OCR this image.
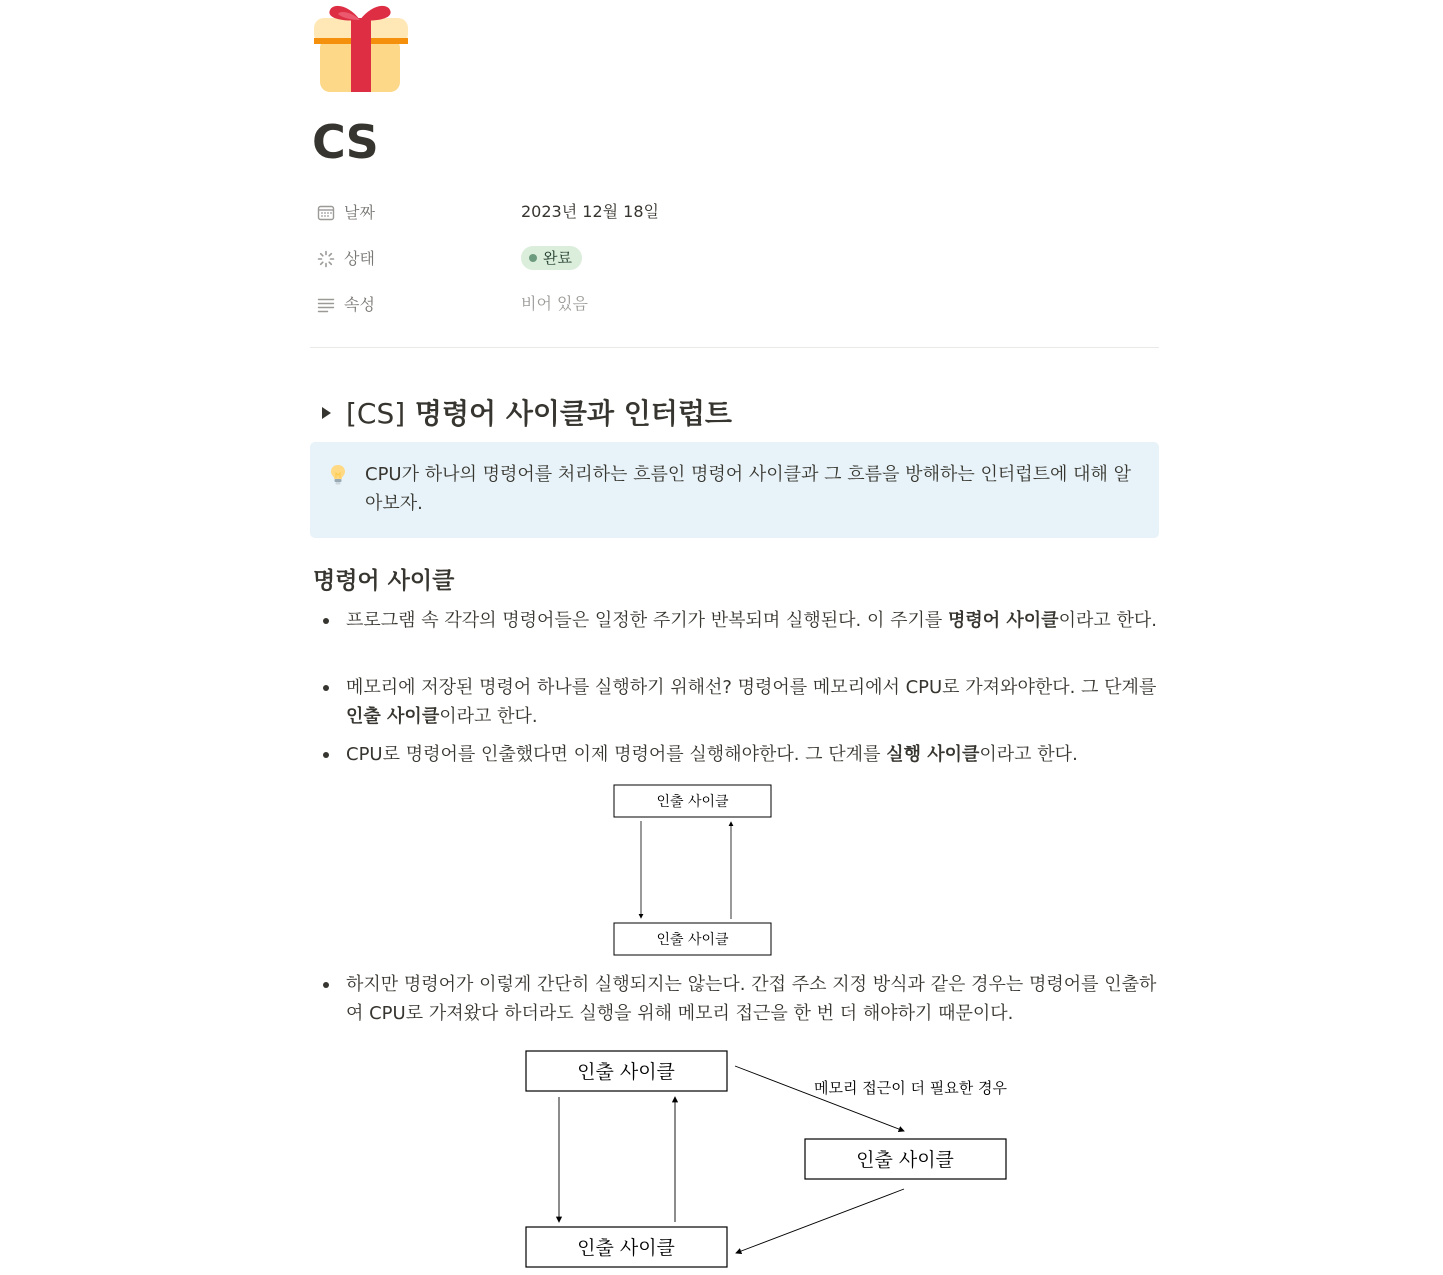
CS
날짜	2023년 12월 18일
상태	완료
속성	비어 있음
[CS] 명령어 사이클과 인터럽트
CPU가 하나의 명령어를 처리하는 흐름인 명령어 사이클과 그 흐름을 방해하는 인터럽트에 대해 알아보자.
명령어 사이클
프로그램 속 각각의 명령어들은 일정한 주기가 반복되며 실행된다. 이 주기를 명령어 사이클이라고 한다.
메모리에 저장된 명령어 하나를 실행하기 위해선? 명령어를 메모리에서 CPU로 가져와야한다. 그 단계를 인출 사이클이라고 한다.
CPU로 명령어를 인출했다면 이제 명령어를 실행해야한다. 그 단계를 실행 사이클이라고 한다.
인출 사이클
인출 사이클
하지만 명령어가 이렇게 간단히 실행되지는 않는다. 간접 주소 지정 방식과 같은 경우는 명령어를 인출하여 CPU로 가져왔다 하더라도 실행을 위해 메모리 접근을 한 번 더 해야하기 때문이다.
인출 사이클
인출 사이클
인출 사이클
메모리 접근이 더 필요한 경우
